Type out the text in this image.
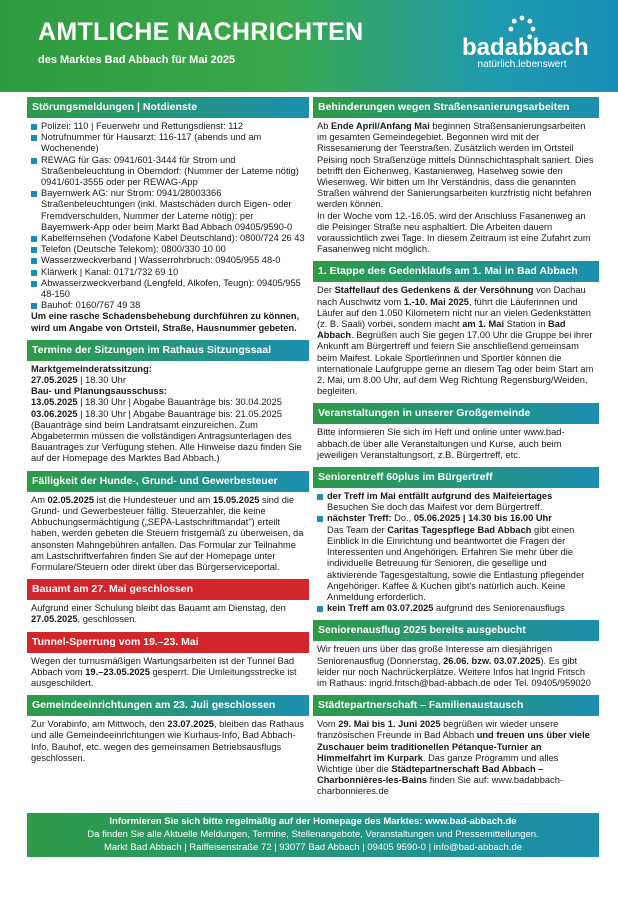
AMTLICHE NACHRICHTEN
des Marktes Bad Abbach für Mai 2025	badabbach
natürlich.lebenswert
Störungsmeldungen | Notdienste
Polizei: 110 | Feuerwehr und Rettungsdienst: 112
Notrufnummer für Hausarzt: 116-117 (abends und am Wochenende)
REWAG für Gas: 0941/601-3444 für Strom und Straßenbeleuchtung in Oberndorf: (Nummer der Laterne nötig) 0941/601-3555 oder per REWAG-App
Bayernwerk AG: nur Strom: 0941/28003366 Straßenbeleuchtungen (inkl. Mastschäden durch Eigen- oder Fremdverschulden, Nummer der Laterne nötig): per Bayernwerk-App oder beim Markt Bad Abbach 09405/9590-0
Kabelfernsehen (Vodafone Kabel Deutschland): 0800/724 26 43
Telefon (Deutsche Telekom): 0800/330 10 00
Wasserzweckverband | Wasserrohrbruch: 09405/955 48-0
Klärwerk | Kanal: 0171/732 69 10
Abwasserzweckverband (Lengfeld, Alkofen, Teugn): 09405/955 48-150
Bauhof: 0160/767 49 38

Um eine rasche Schadensbehebung durchführen zu können, wird um Angabe von Ortsteil, Straße, Hausnummer gebeten.

Termine der Sitzungen im Rathaus Sitzungssaal

Marktgemeinderatssitzung:

27.05.2025 | 18.30 Uhr

Bau- und Planungsausschuss:

13.05.2025 | 18.30 Uhr | Abgabe Bauanträge bis: 30.04.2025

03.06.2025 | 18.30 Uhr | Abgabe Bauanträge bis: 21.05.2025

(Bauanträge sind beim Landratsamt einzureichen. Zum Abgabetermin müssen die vollständigen Antragsunterlagen des Bauantrages zur Verfügung stehen. Alle Hinweise dazu finden Sie auf der Homepage des Marktes Bad Abbach.)

Fälligkeit der Hunde-, Grund- und Gewerbesteuer

Am 02.05.2025 ist die Hundesteuer und am 15.05.2025 sind die Grund- und Gewerbesteuer fällig. Steuerzahler, die keine Abbuchungsermächtigung („SEPA-Lastschriftmandat") erteilt haben, werden gebeten die Steuern fristgemäß zu überweisen, da ansonsten Mahngebühren anfallen. Das Formular zur Teilnahme am Lastschriftverfahren finden Sie auf der Homepage unter Formulare/Steuern oder direkt über das Bürgerserviceportal.

Bauamt am 27. Mai geschlossen

Aufgrund einer Schulung bleibt das Bauamt am Dienstag, den 27.05.2025, geschlossen.

Tunnel-Sperrung vom 19.–23. Mai

Wegen der turnusmäßigen Wartungsarbeiten ist der Tunnel Bad Abbach vom 19.–23.05.2025 gesperrt. Die Umleitungsstrecke ist ausgeschildert.

Gemeindeeinrichtungen am 23. Juli geschlossen

Zur Vorabinfo, am Mittwoch, den 23.07.2025, bleiben das Rathaus und alle Gemeindeeinrichtungen wie Kurhaus-Info, Bad Abbach-Info, Bauhof, etc. wegen des gemeinsamen Betriebsausflugs geschlossen.

Behinderungen wegen Straßensanierungsarbeiten

Ab Ende April/Anfang Mai beginnen Straßensanierungsarbeiten im gesamten Gemeindegebiet. Begonnen wird mit der Rissesanierung der Teerstraßen. Zusätzlich werden im Ortsteil Peising noch Straßenzüge mittels Dünnschichtasphalt saniert. Dies betrifft den Eichenweg, Kastanienweg, Haselweg sowie den Wiesenweg. Wir bitten um Ihr Verständnis, dass die genannten Straßen während der Sanierungsarbeiten kurzfristig nicht befahren werden können.

In der Woche vom 12.-16.05. wird der Anschluss Fasanenweg an die Peisinger Straße neu asphaltiert. Die Arbeiten dauern voraussichtlich zwei Tage. In diesem Zeitraum ist eine Zufahrt zum Fasanenweg nicht möglich.

1. Etappe des Gedenklaufs am 1. Mai in Bad Abbach

Der Staffellauf des Gedenkens & der Versöhnung von Dachau nach Auschwitz vom 1.-10. Mai 2025, führt die Läuferinnen und Läufer auf den 1.050 Kilometern nicht nur an vielen Gedenkstätten (z. B. Saali) vorbei, sondern macht am 1. Mai Station in Bad Abbach. Begrüßen auch Sie gegen 17.00 Uhr die Gruppe bei ihrer Ankunft am Bürgertreff und feiern Sie anschließend gemeinsam beim Maifest. Lokale Sportlerinnen und Sportler können die internationale Laufgruppe gerne an diesem Tag oder beim Start am 2. Mai, um 8.00 Uhr, auf dem Weg Richtung Regensburg/Weiden, begleiten.

Veranstaltungen in unserer Großgemeinde

Bitte informieren Sie sich im Heft und online unter www.bad-abbach.de über alle Veranstaltungen und Kurse, auch beim jeweiligen Veranstaltungsort, z.B. Bürgertreff, etc.

Seniorentreff 60plus im Bürgertreff
der Treff im Mai entfällt aufgrund des Maifeiertages
Besuchen Sie doch das Maifest vor dem Bürgertreff.
nächster Treff: Do., 05.06.2025 | 14.30 bis 16.00 Uhr
Das Team der Caritas Tagespflege Bad Abbach gibt einen Einblick in die Einrichtung und beantwortet die Fragen der Interessenten und Angehörigen. Erfahren Sie mehr über die individuelle Betreuung für Senioren, die gesellige und aktivierende Tagesgestaltung, sowie die Entlastung pflegender Angehöriger. Kaffee & Kuchen gibt's natürlich auch. Keine Anmeldung erforderlich.
kein Treff am 03.07.2025 aufgrund des Seniorenausflugs
Seniorenausflug 2025 bereits ausgebucht

Wir freuen uns über das große Interesse am diesjährigen Seniorenausflug (Donnerstag, 26.06. bzw. 03.07.2025). Es gibt leider nur noch Nachrückerplätze. Weitere Infos hat Ingrid Fritsch im Rathaus: ingrid.fritsch@bad-abbach.de oder Tel. 09405/959020

Städtepartnerschaft – Familienaustausch

Vom 29. Mai bis 1. Juni 2025 begrüßen wir wieder unsere französischen Freunde in Bad Abbach und freuen uns über viele Zuschauer beim traditionellen Pétanque-Turnier an Himmelfahrt im Kurpark. Das ganze Programm und alles Wichtige über die Städtepartnerschaft Bad Abbach – Charbonnières-les-Bains finden Sie auf: www.badabbach-charbonnieres.de

Informieren Sie sich bitte regelmäßig auf der Homepage des Marktes: www.bad-abbach.de
Da finden Sie alle Aktuelle Meldungen, Termine, Stellenangebote, Veranstaltungen und Pressemitteilungen.
Markt Bad Abbach | Raiffeisenstraße 72 | 93077 Bad Abbach | 09405 9590-0 | info@bad-abbach.de
